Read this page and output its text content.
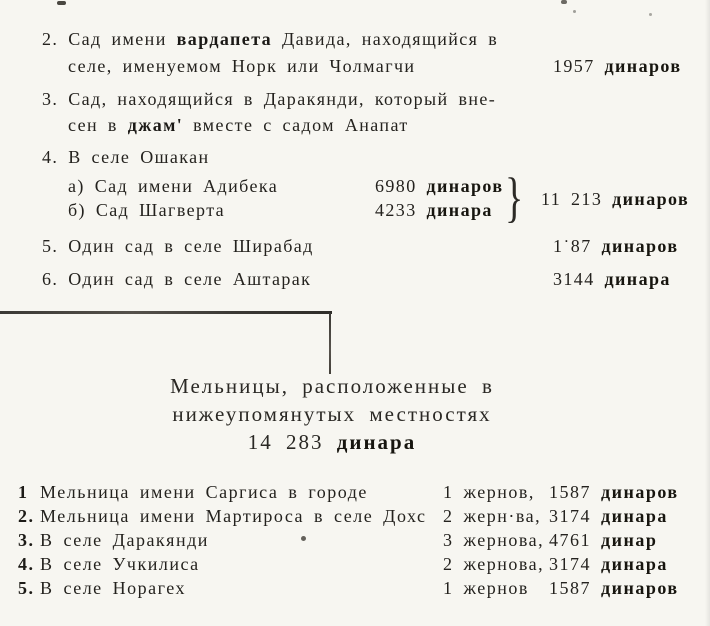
2. Сад имени вардапета Давида, находящийся в
селе, именуемом Норк или Чолмагчи	1957 динаров
3. Сад, находящийся в Даракянди, который вне-
сен в джам' вместе с садом Анапат
4. В селе Ошакан
а) Сад имени Адибека	6980 динаров
б) Сад Шагверта	4233 динара } 11 213 динаров
5. Один сад в селе Ширабад	1˙87 динаров
6. Один сад в селе Аштарак	3144 динара
Мельницы, расположенные в
нижеупомянутых местностях
14 283 динара
1 Мельница имени Саргиса в городе	1 жернов, 1587 динаров
2. Мельница имени Мартироса в селе Дохс 2 жерн·ва, 3174 динара
3. В селе Даракянди	3 жернова, 4761 динар
4. В селе Учкилиса	2 жернова, 3174 динара
5. В селе Норагех	1 жернов 1587 динаров
